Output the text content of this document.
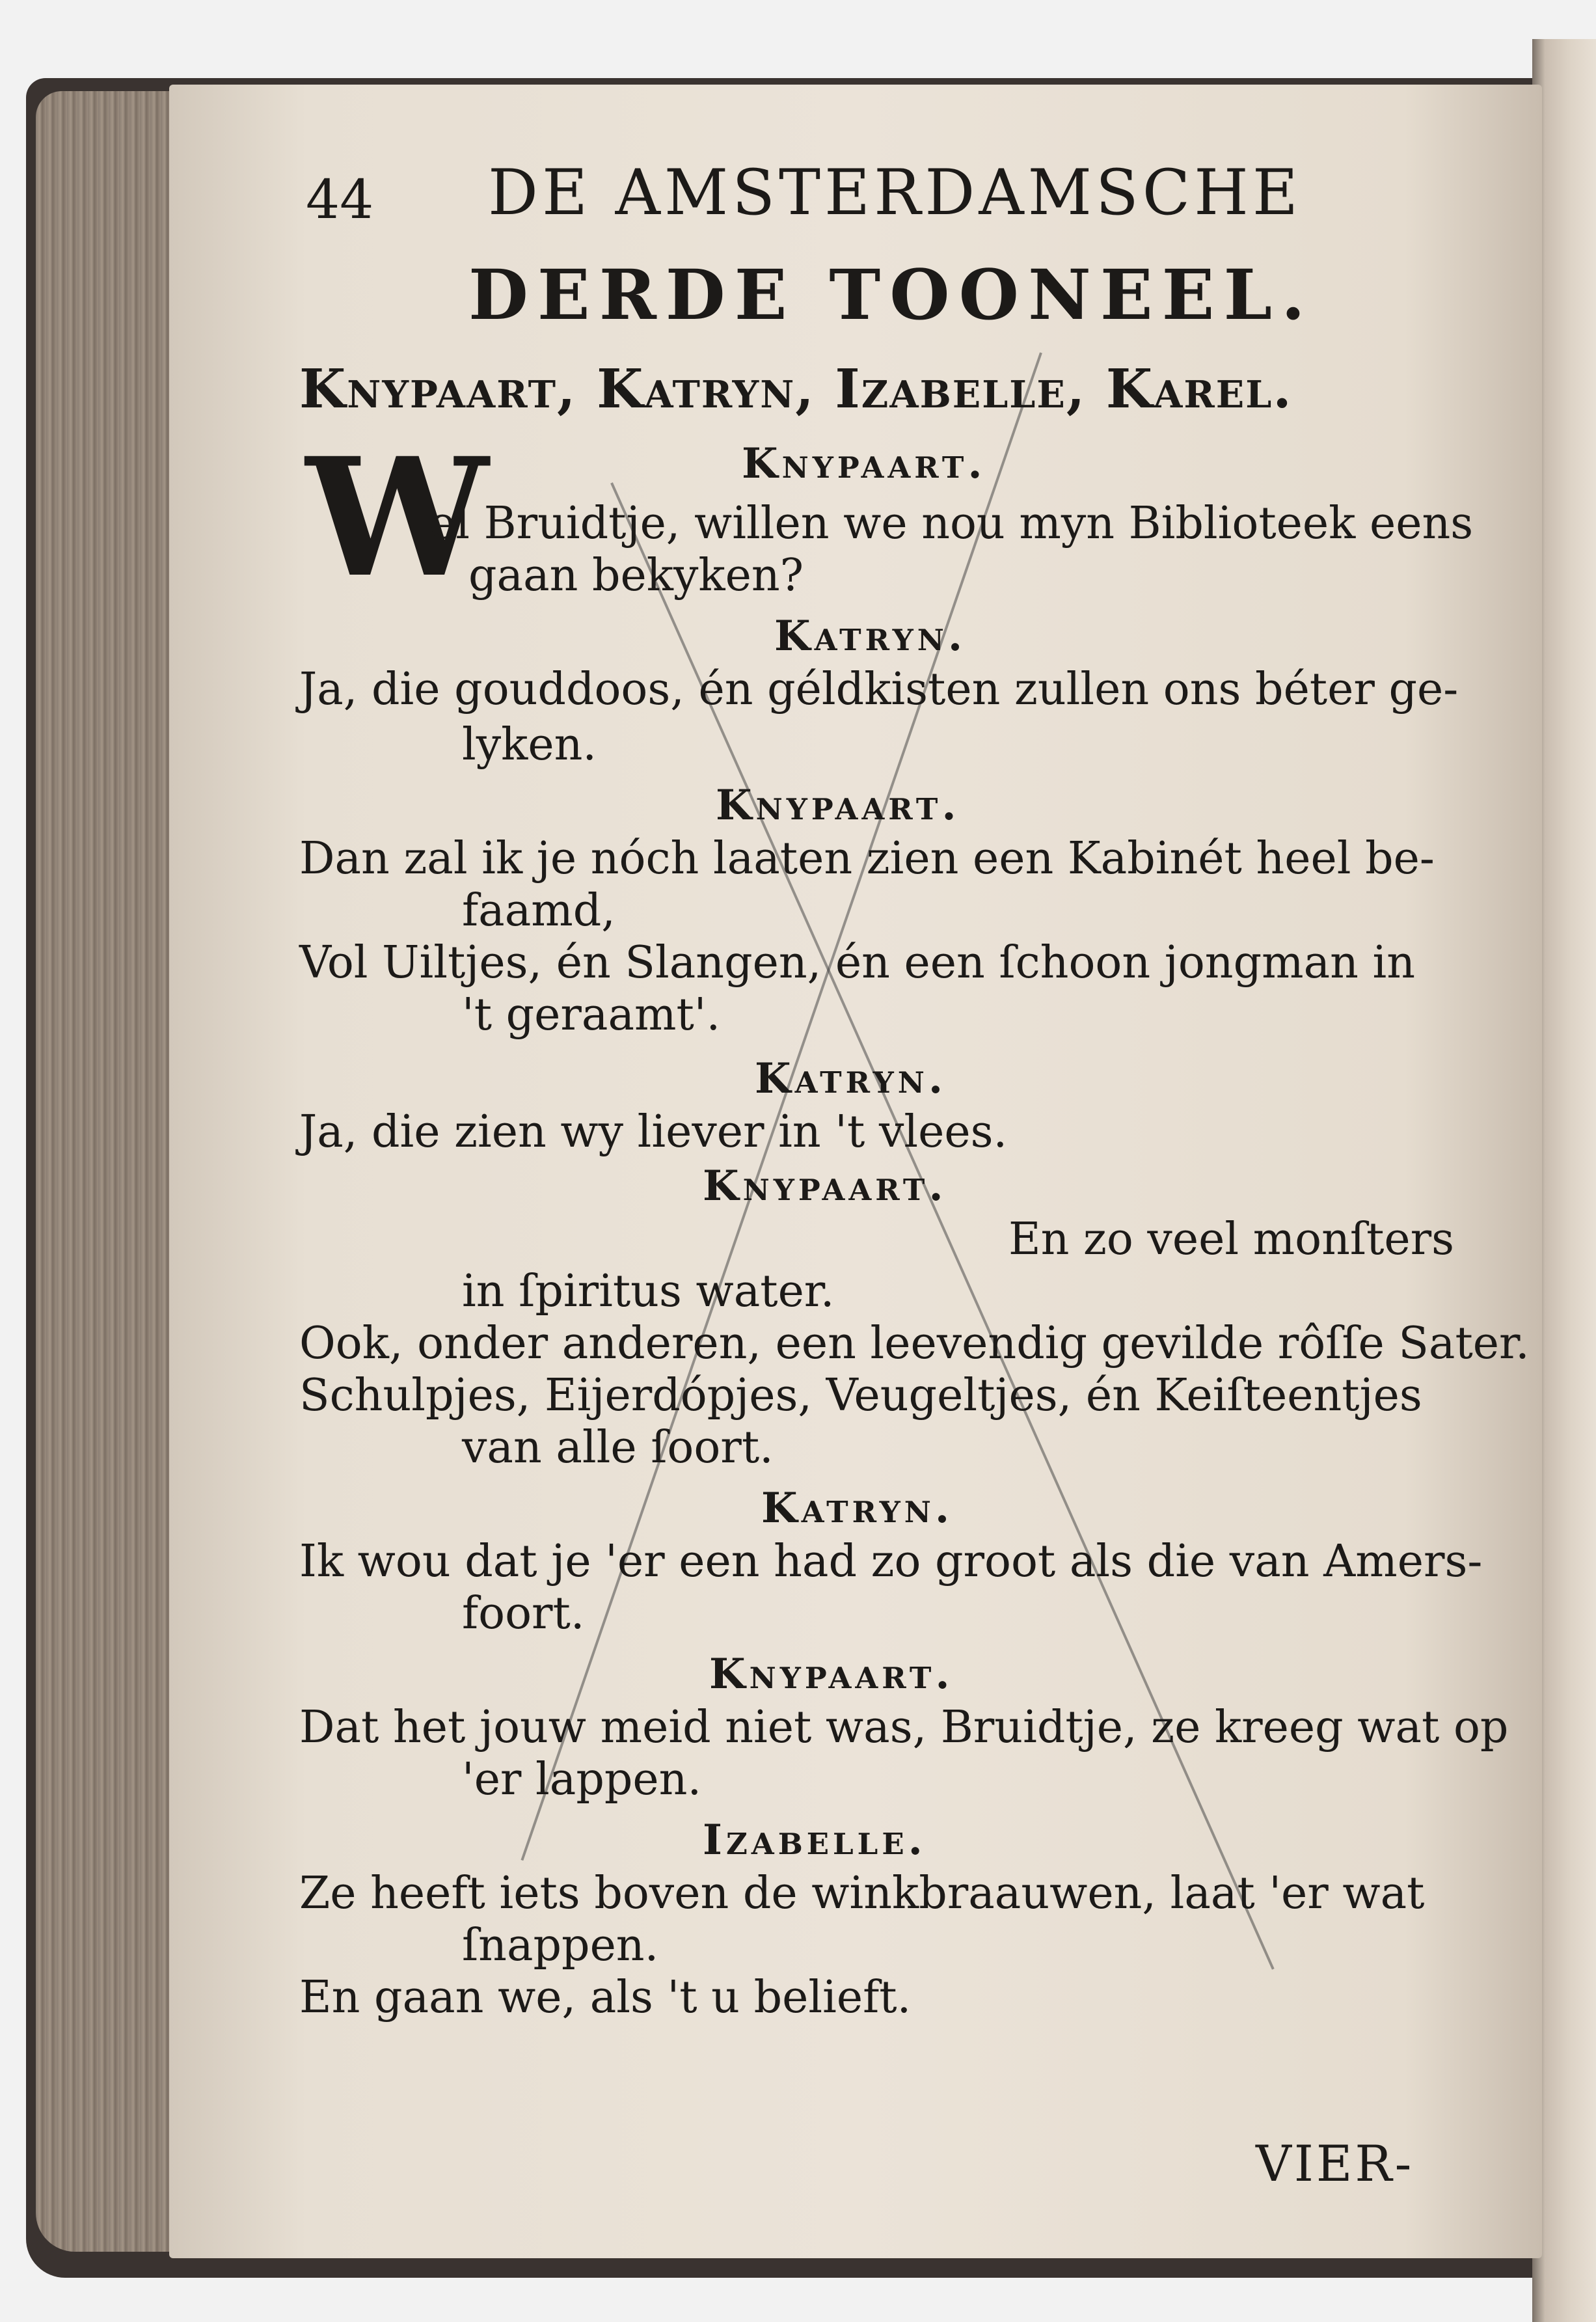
44 DE AMSTERDAMSCHE
DERDE TOONEEL.
Knypaart, Katryn, Izabelle, Karel.
Knypaart.
W
el Bruidtje, willen we nou myn Biblioteek eens
gaan bekyken?
Katryn.
Ja, die gouddoos, én géldkisten zullen ons béter ge-
lyken.
Knypaart.
Dan zal ik je nóch laaten zien een Kabinét heel be-
faamd,
Vol Uiltjes, én Slangen, én een ſchoon jongman in
't geraamt'.
Katryn.
Ja, die zien wy liever in 't vlees.
Knypaart.
En zo veel monſters
in ſpiritus water.
Ook, onder anderen, een leevendig gevilde rôſſe Sater.
Schulpjes, Eijerdópjes, Veugeltjes, én Keiſteentjes
van alle ſoort.
Katryn.
Ik wou dat je 'er een had zo groot als die van Amers-
foort.
Knypaart.
Dat het jouw meid niet was, Bruidtje, ze kreeg wat op
'er lappen.
Izabelle.
Ze heeft iets boven de winkbraauwen, laat 'er wat
ſnappen.
En gaan we, als 't u belieft.
VIER-
